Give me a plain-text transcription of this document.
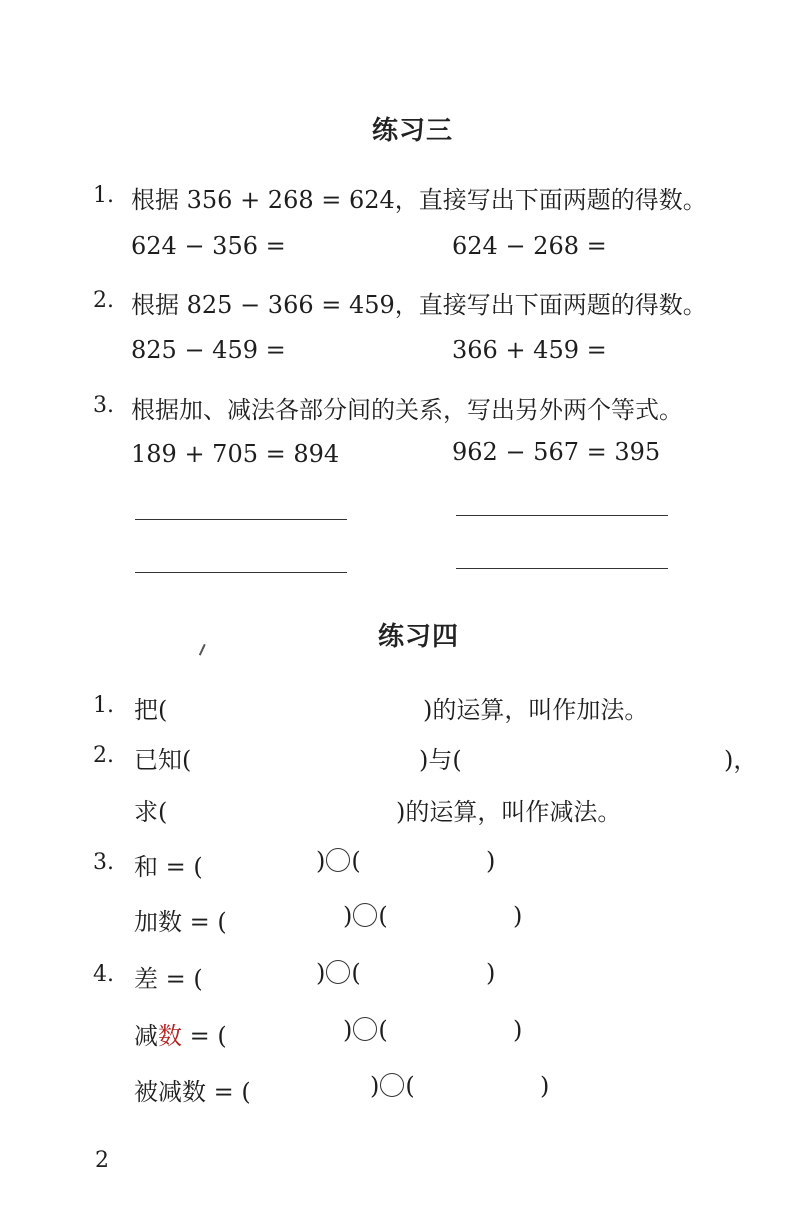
练习三
1. 根据 356 + 268 = 624，直接写出下面两题的得数。
624 − 356 =	624 − 268 =
2. 根据 825 − 366 = 459，直接写出下面两题的得数。
825 − 459 =	366 + 459 =
3. 根据加、减法各部分间的关系，写出另外两个等式。
189 + 705 = 894	962 − 567 = 395
练习四
1. 把(	)的运算，叫作加法。
2. 已知(	)与(	)，
求(	)的运算，叫作减法。
3. 和 = (	) (	)
加数 = (	) (	)
4. 差 = (	) (	)
减数 = (	) (	)
被减数 = (	) (	)
2
